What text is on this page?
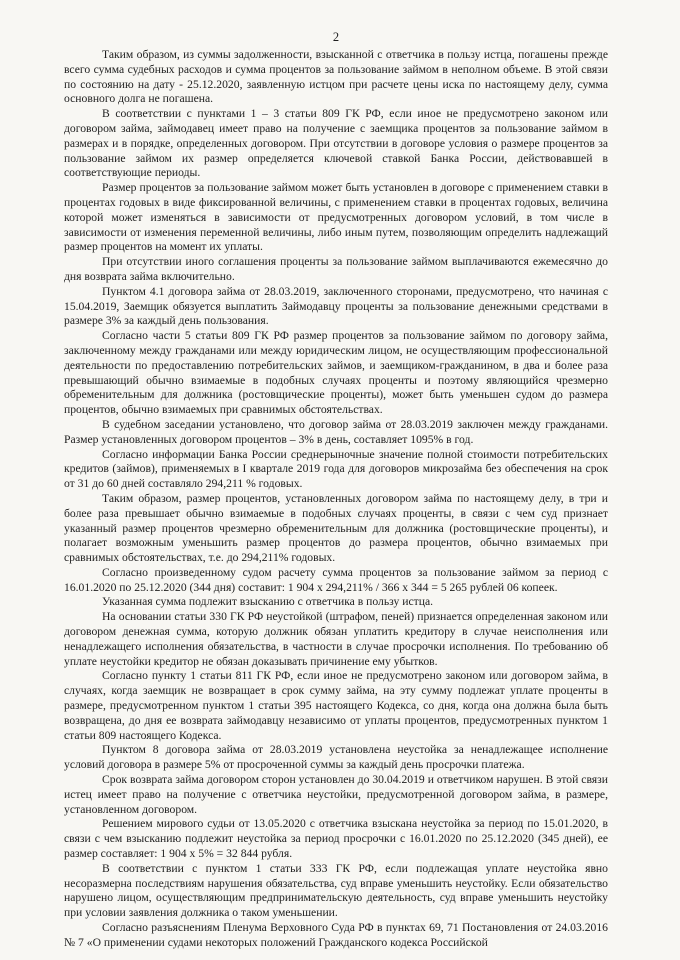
2

Таким образом, из суммы задолженности, взысканной с ответчика в пользу истца, погашены прежде всего сумма судебных расходов и сумма процентов за пользование займом в неполном объеме. В этой связи по состоянию на дату - 25.12.2020, заявленную истцом при расчете цены иска по настоящему делу, сумма основного долга не погашена.

В соответствии с пунктами 1 – 3 статьи 809 ГК РФ, если иное не предусмотрено законом или договором займа, займодавец имеет право на получение с заемщика процентов за пользование займом в размерах и в порядке, определенных договором. При отсутствии в договоре условия о размере процентов за пользование займом их размер определяется ключевой ставкой Банка России, действовавшей в соответствующие периоды.

Размер процентов за пользование займом может быть установлен в договоре с применением ставки в процентах годовых в виде фиксированной величины, с применением ставки в процентах годовых, величина которой может изменяться в зависимости от предусмотренных договором условий, в том числе в зависимости от изменения переменной величины, либо иным путем, позволяющим определить надлежащий размер процентов на момент их уплаты.

При отсутствии иного соглашения проценты за пользование займом выплачиваются ежемесячно до дня возврата займа включительно.

Пунктом 4.1 договора займа от 28.03.2019, заключенного сторонами, предусмотрено, что начиная с 15.04.2019, Заемщик обязуется выплатить Займодавцу проценты за пользование денежными средствами в размере 3% за каждый день пользования.

Согласно части 5 статьи 809 ГК РФ размер процентов за пользование займом по договору займа, заключенному между гражданами или между юридическим лицом, не осуществляющим профессиональной деятельности по предоставлению потребительских займов, и заемщиком-гражданином, в два и более раза превышающий обычно взимаемые в подобных случаях проценты и поэтому являющийся чрезмерно обременительным для должника (ростовщические проценты), может быть уменьшен судом до размера процентов, обычно взимаемых при сравнимых обстоятельствах.

В судебном заседании установлено, что договор займа от 28.03.2019 заключен между гражданами. Размер установленных договором процентов – 3% в день, составляет 1095% в год.

Согласно информации Банка России среднерыночные значение полной стоимости потребительских кредитов (займов), применяемых в I квартале 2019 года для договоров микрозайма без обеспечения на срок от 31 до 60 дней составляло 294,211 % годовых.

Таким образом, размер процентов, установленных договором займа по настоящему делу, в три и более раза превышает обычно взимаемые в подобных случаях проценты, в связи с чем суд признает указанный размер процентов чрезмерно обременительным для должника (ростовщические проценты), и полагает возможным уменьшить размер процентов до размера процентов, обычно взимаемых при сравнимых обстоятельствах, т.е. до 294,211% годовых.

Согласно произведенному судом расчету сумма процентов за пользование займом за период с 16.01.2020 по 25.12.2020 (344 дня) составит: 1 904 х 294,211% / 366 х 344 = 5 265 рублей 06 копеек.

Указанная сумма подлежит взысканию с ответчика в пользу истца.

На основании статьи 330 ГК РФ неустойкой (штрафом, пеней) признается определенная законом или договором денежная сумма, которую должник обязан уплатить кредитору в случае неисполнения или ненадлежащего исполнения обязательства, в частности в случае просрочки исполнения. По требованию об уплате неустойки кредитор не обязан доказывать причинение ему убытков.

Согласно пункту 1 статьи 811 ГК РФ, если иное не предусмотрено законом или договором займа, в случаях, когда заемщик не возвращает в срок сумму займа, на эту сумму подлежат уплате проценты в размере, предусмотренном пунктом 1 статьи 395 настоящего Кодекса, со дня, когда она должна была быть возвращена, до дня ее возврата займодавцу независимо от уплаты процентов, предусмотренных пунктом 1 статьи 809 настоящего Кодекса.

Пунктом 8 договора займа от 28.03.2019 установлена неустойка за ненадлежащее исполнение условий договора в размере 5% от просроченной суммы за каждый день просрочки платежа.

Срок возврата займа договором сторон установлен до 30.04.2019 и ответчиком нарушен. В этой связи истец имеет право на получение с ответчика неустойки, предусмотренной договором займа, в размере, установленном договором.

Решением мирового судьи от 13.05.2020 с ответчика взыскана неустойка за период по 15.01.2020, в связи с чем взысканию подлежит неустойка за период просрочки с 16.01.2020 по 25.12.2020 (345 дней), ее размер составляет: 1 904 х 5% = 32 844 рубля.

В соответствии с пунктом 1 статьи 333 ГК РФ, если подлежащая уплате неустойка явно несоразмерна последствиям нарушения обязательства, суд вправе уменьшить неустойку. Если обязательство нарушено лицом, осуществляющим предпринимательскую деятельность, суд вправе уменьшить неустойку при условии заявления должника о таком уменьшении.

Согласно разъяснениям Пленума Верховного Суда РФ в пунктах 69, 71 Постановления от 24.03.2016 № 7 «О применении судами некоторых положений Гражданского кодекса Российской
